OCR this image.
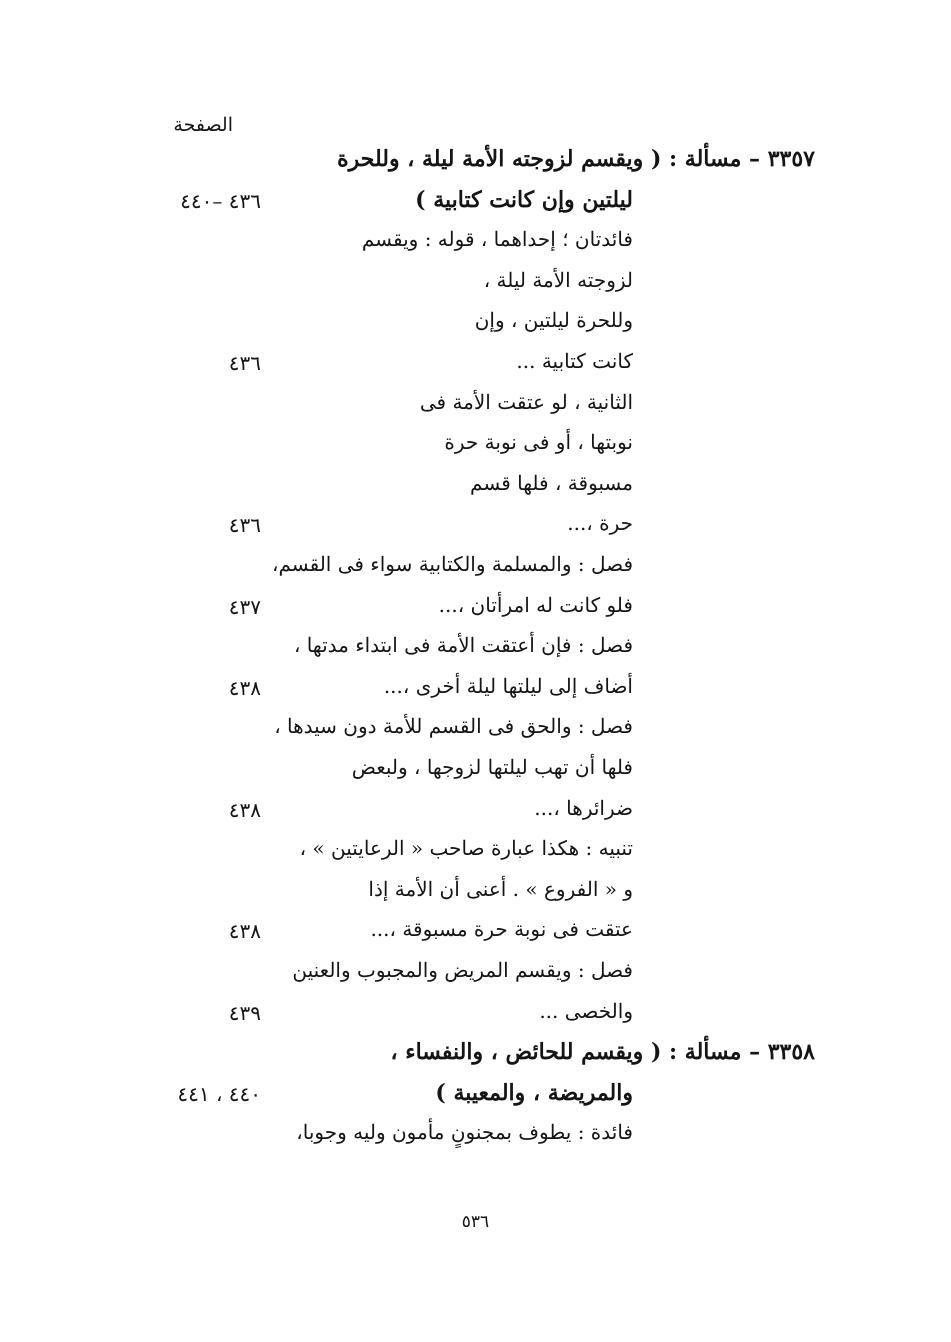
الصفحة
٣٣٥٧ – مسألة : ( ويقسم لزوجته الأمة ليلة ، وللحرة
ليلتين وإن كانت كتابية )
٤٣٦ –٤٤٠
فائدتان ؛ إحداهما ، قوله : ويقسم
لزوجته الأمة ليلة ،
وللحرة ليلتين ، وإن
كانت كتابية ...
٤٣٦
الثانية ، لو عتقت الأمة فى
نوبتها ، أو فى نوبة حرة
مسبوقة ، فلها قسم
حرة ،...
٤٣٦
فصل : والمسلمة والكتابية سواء فى القسم،
فلو كانت له امرأتان ،...
٤٣٧
فصل : فإن أعتقت الأمة فى ابتداء مدتها ،
أضاف إلى ليلتها ليلة أخرى ،...
٤٣٨
فصل : والحق فى القسم للأمة دون سيدها ،
فلها أن تهب ليلتها لزوجها ، ولبعض
ضرائرها ،...
٤٣٨
تنبيه : هكذا عبارة صاحب « الرعايتين » ،
و « الفروع » . أعنى أن الأمة إذا
عتقت فى نوبة حرة مسبوقة ،...
٤٣٨
فصل : ويقسم المريض والمجبوب والعنين
والخصى ...
٤٣٩
٣٣٥٨ – مسألة : ( ويقسم للحائض ، والنفساء ،
والمريضة ، والمعيبة )
٤٤٠ ، ٤٤١
فائدة : يطوف بمجنونٍ مأمون وليه وجوبا،
٥٣٦
